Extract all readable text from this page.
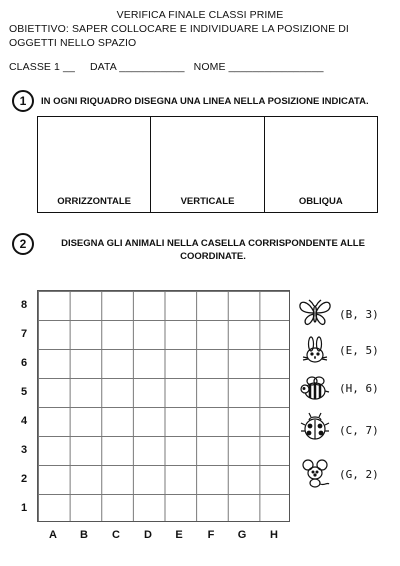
VERIFICA FINALE CLASSI PRIME
OBIETTIVO: SAPER COLLOCARE E INDIVIDUARE LA POSIZIONE DI OGGETTI NELLO SPAZIO
CLASSE 1 __ DATA ___________ NOME ________________
1	IN OGNI RIQUADRO DISEGNA UNA LINEA NELLA POSIZIONE INDICATA.
ORRIZZONTALE	VERTICALE	OBLIQUA
2	DISEGNA GLI ANIMALI NELLA CASELLA CORRISPONDENTE ALLE COORDINATE.
8
7
6
5
4
3
2
1
A	B	C	D	E	F	G	H
(B, 3)
(E, 5)
(H, 6)
(C, 7)
(G, 2)
